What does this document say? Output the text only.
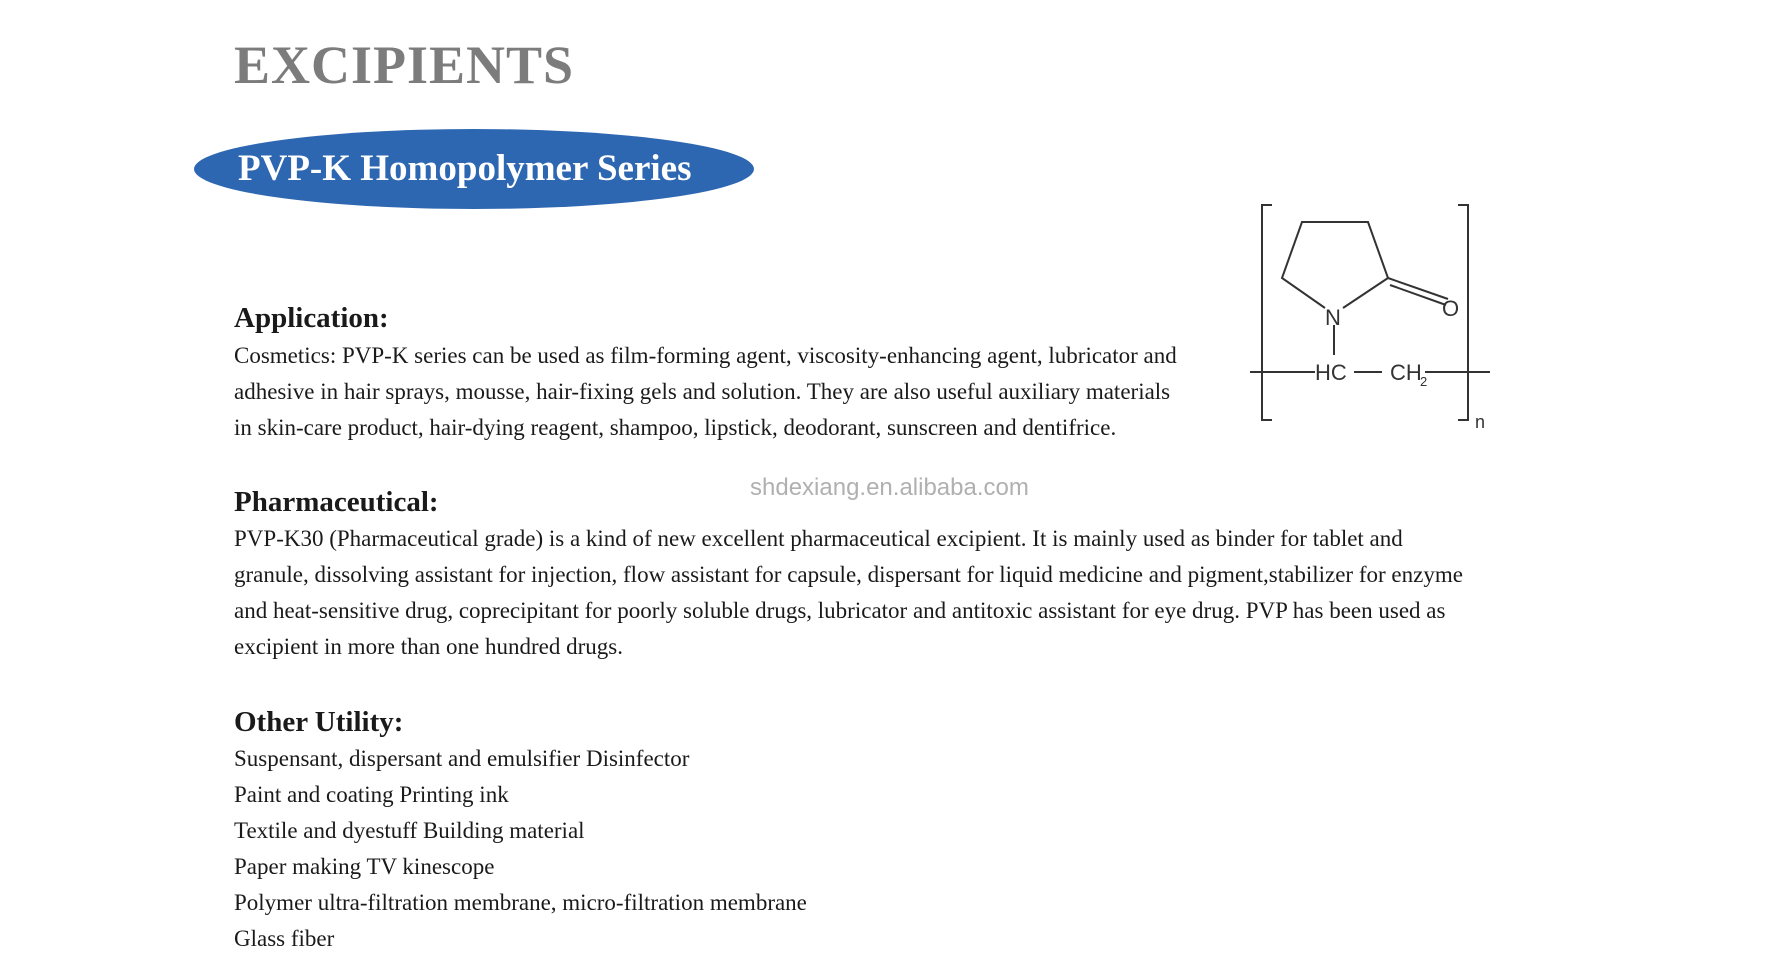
EXCIPIENTS
PVP-K Homopolymer Series
N	O
HC CH
2
n
Application:

Cosmetics: PVP-K series can be used as film-forming agent, viscosity-enhancing agent, lubricator and
adhesive in hair sprays, mousse, hair-fixing gels and solution. They are also useful auxiliary materials
in skin-care product, hair-dying reagent, shampoo, lipstick, deodorant, sunscreen and dentifrice.

shdexiang.en.alibaba.com
Pharmaceutical:

PVP-K30 (Pharmaceutical grade) is a kind of new excellent pharmaceutical excipient. It is mainly used as binder for tablet and
granule, dissolving assistant for injection, flow assistant for capsule, dispersant for liquid medicine and pigment,stabilizer for enzyme
and heat-sensitive drug, coprecipitant for poorly soluble drugs, lubricator and antitoxic assistant for eye drug. PVP has been used as
excipient in more than one hundred drugs.

Other Utility:
Suspensant, dispersant and emulsifier Disinfector
Paint and coating Printing ink
Textile and dyestuff Building material
Paper making TV kinescope
Polymer ultra-filtration membrane, micro-filtration membrane
Glass fiber
